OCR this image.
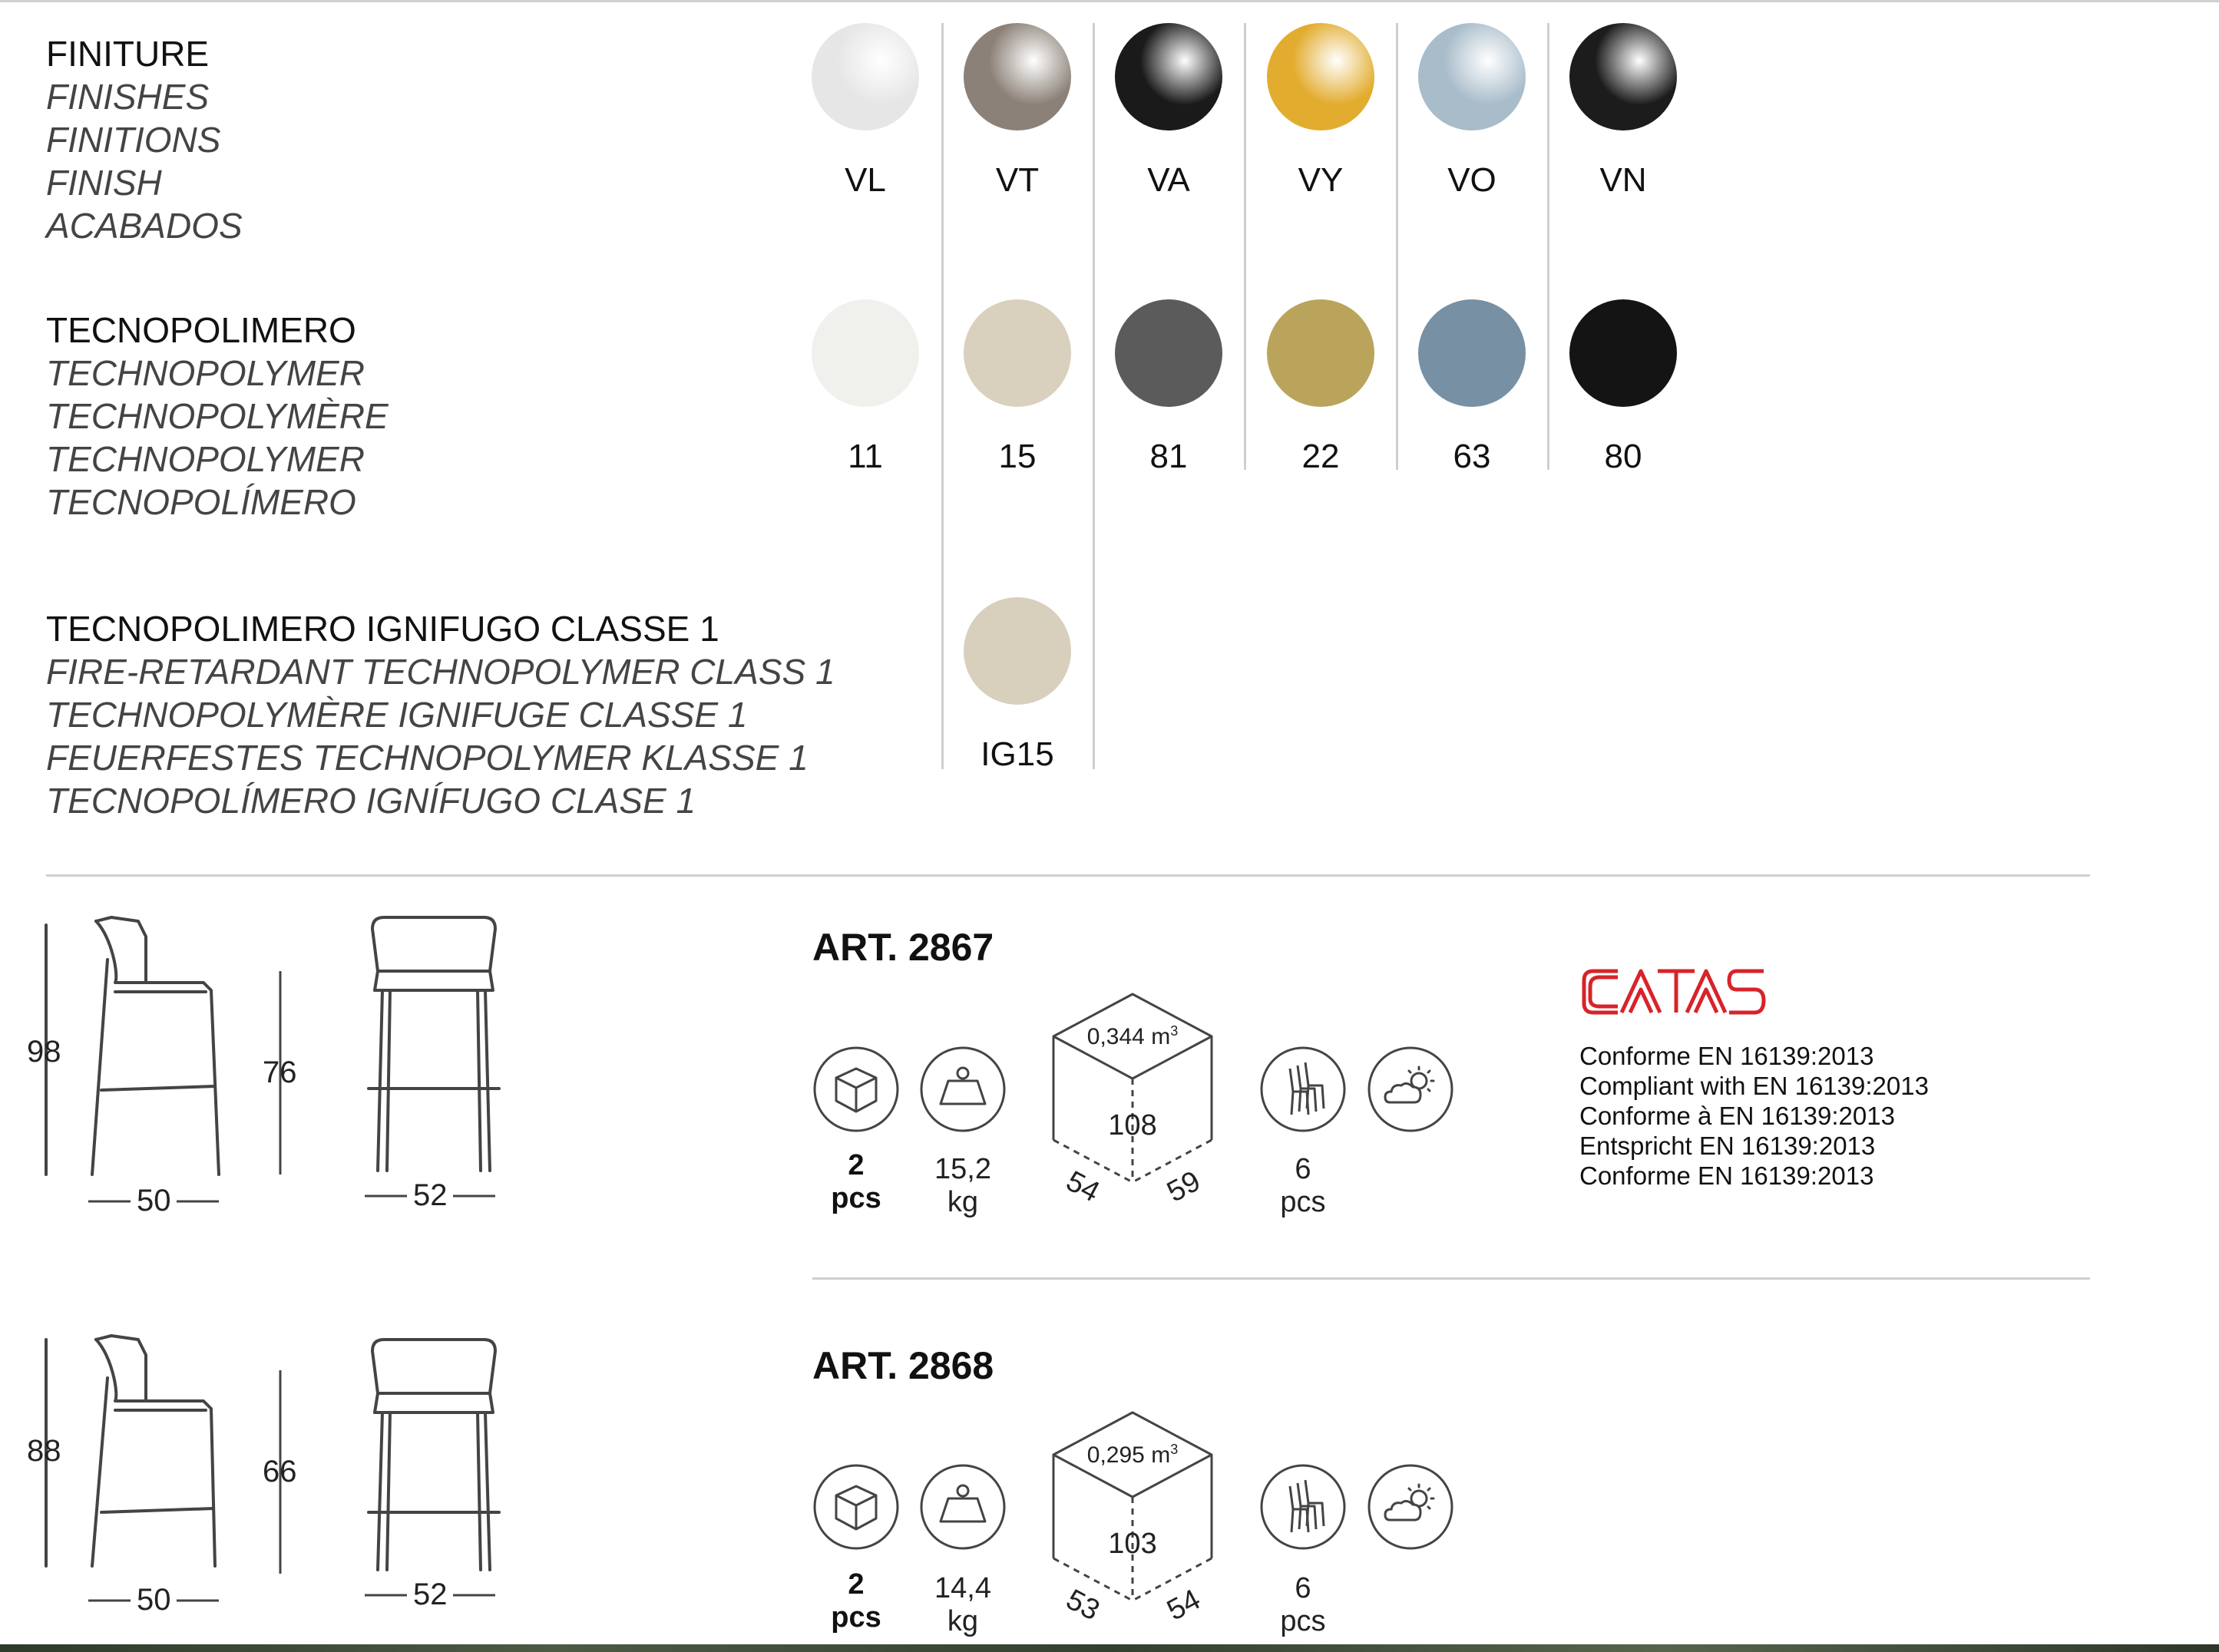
FINITURE
FINISHES
FINITIONS
FINISH
ACABADOS
TECNOPOLIMERO
TECHNOPOLYMER
TECHNOPOLYMÈRE
TECHNOPOLYMER
TECNOPOLÍMERO
TECNOPOLIMERO IGNIFUGO CLASSE 1
FIRE-RETARDANT TECHNOPOLYMER CLASS 1
TECHNOPOLYMÈRE IGNIFUGE CLASSE 1
FEUERFESTES TECHNOPOLYMER KLASSE 1
TECNOPOLÍMERO IGNÍFUGO CLASE 1
VL	VT	VA	VY	VO	VN
11	15	81	22	63	80
IG15
98
50
76
52
ART. 2867
2
pcs
15,2
kg
0,344 $m^3$
108
54 59	6
pcs
Conforme EN 16139:2013
Compliant with EN 16139:2013
Conforme à EN 16139:2013
Entspricht EN 16139:2013
Conforme EN 16139:2013
88
50
66
52
ART. 2868
2
pcs
14,4
kg
0,295 $m^3$
103
53 54	6
pcs
